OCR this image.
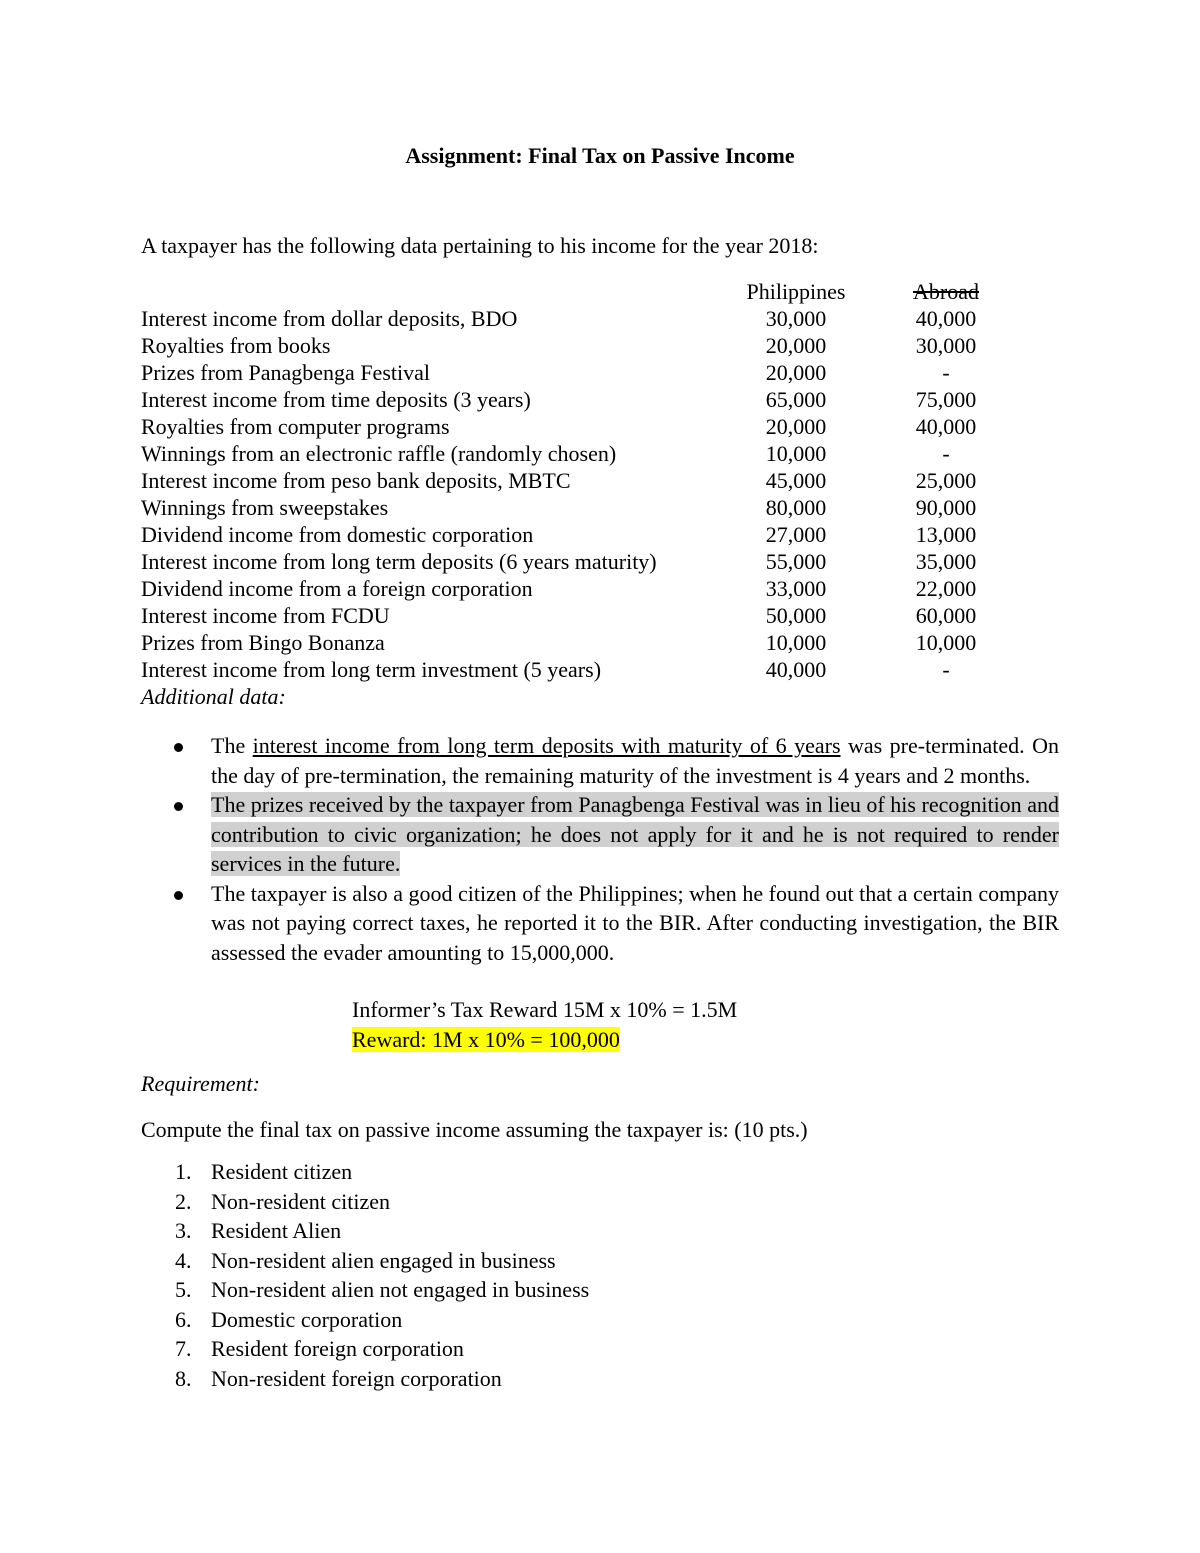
Assignment: Final Tax on Passive Income
A taxpayer has the following data pertaining to his income for the year 2018:
Philippines	Abroad
Interest income from dollar deposits, BDO	30,000	40,000
Royalties from books	20,000	30,000
Prizes from Panagbenga Festival	20,000	-
Interest income from time deposits (3 years)	65,000	75,000
Royalties from computer programs	20,000	40,000
Winnings from an electronic raffle (randomly chosen)	10,000	-
Interest income from peso bank deposits, MBTC	45,000	25,000
Winnings from sweepstakes	80,000	90,000
Dividend income from domestic corporation	27,000	13,000
Interest income from long term deposits (6 years maturity)	55,000	35,000
Dividend income from a foreign corporation	33,000	22,000
Interest income from FCDU	50,000	60,000
Prizes from Bingo Bonanza	10,000	10,000
Interest income from long term investment (5 years)	40,000	-
Additional data:
The interest income from long term deposits with maturity of 6 years was pre-terminated. On the day of pre-termination, the remaining maturity of the investment is 4 years and 2 months.
The prizes received by the taxpayer from Panagbenga Festival was in lieu of his recognition and contribution to civic organization; he does not apply for it and he is not required to render services in the future.
The taxpayer is also a good citizen of the Philippines; when he found out that a certain company was not paying correct taxes, he reported it to the BIR. After conducting investigation, the BIR assessed the evader amounting to 15,000,000.
Informer’s Tax Reward 15M x 10% = 1.5M
Reward: 1M x 10% = 100,000
Requirement:
Compute the final tax on passive income assuming the taxpayer is: (10 pts.)
1. Resident citizen
2. Non-resident citizen
3. Resident Alien
4. Non-resident alien engaged in business
5. Non-resident alien not engaged in business
6. Domestic corporation
7. Resident foreign corporation
8. Non-resident foreign corporation
